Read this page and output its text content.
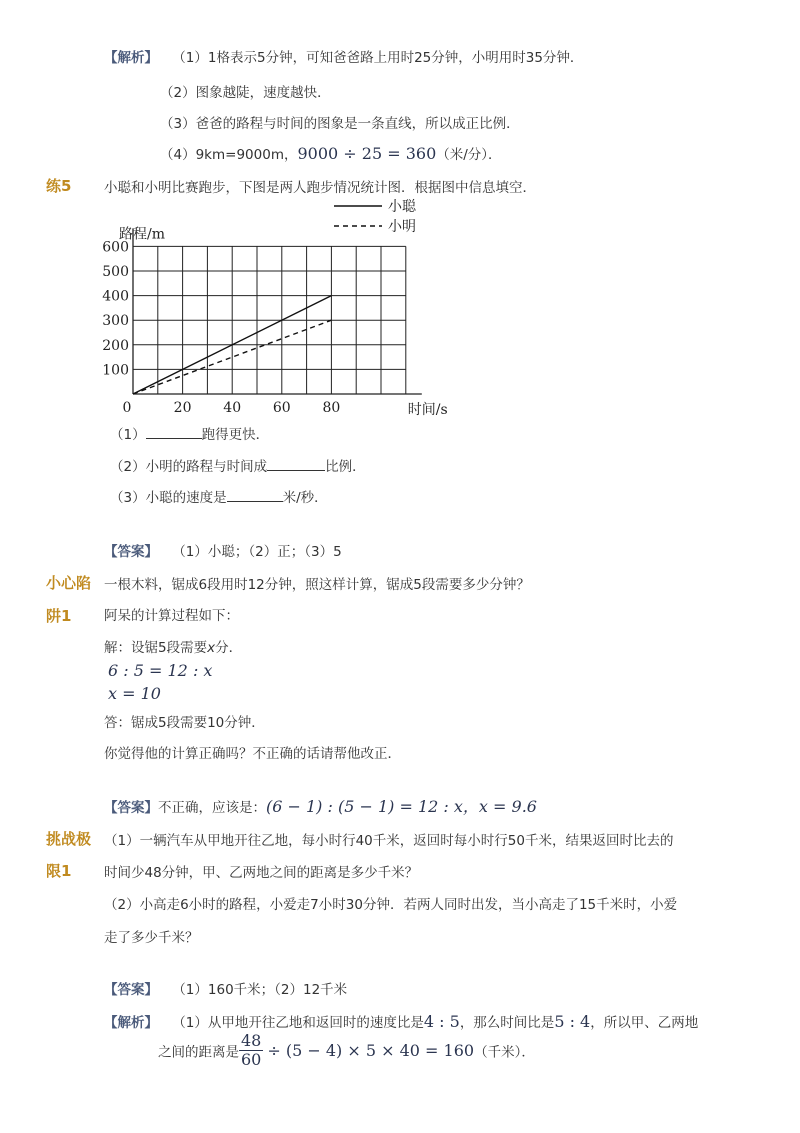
【解析】 （1）1格表示5分钟，可知爸爸路上用时25分钟，小明用时35分钟．
（2）图象越陡，速度越快．
（3）爸爸的路程与时间的图象是一条直线，所以成正比例．
（4）9km=9000m，9000 ÷ 25 = 360（米/分）．
练5 小聪和小明比赛跑步，下图是两人跑步情况统计图．根据图中信息填空．
100
200
300
400
500
600
20 40 60 80
0
路程/m
时间/s
小聪
小明
（1）	跑得更快．
（2）小明的路程与时间成	比例．
（3）小聪的速度是	米/秒．
【答案】 （1）小聪；（2）正；（3）5
小心陷
阱1
一根木料，锯成6段用时12分钟，照这样计算，锯成5段需要多少分钟？
阿呆的计算过程如下：
解：设锯5段需要x分．
6 : 5 = 12 : x
x = 10
答：锯成5段需要10分钟．
你觉得他的计算正确吗？不正确的话请帮他改正．
【答案】不正确，应该是：(6 − 1) : (5 − 1) = 12 : x，x = 9.6
挑战极
限1
（1）一辆汽车从甲地开往乙地，每小时行40千米，返回时每小时行50千米，结果返回时比去的
时间少48分钟，甲、乙两地之间的距离是多少千米？
（2）小高走6小时的路程，小爱走7小时30分钟．若两人同时出发，当小高走了15千米时，小爱
走了多少千米？
【答案】 （1）160千米；（2）12千米
【解析】 （1）从甲地开往乙地和返回时的速度比是4 : 5，那么时间比是5 : 4，所以甲、乙两地
之间的距离是 $\frac{48}{60} \div (5 - 4) \times 5 \times 40 = 160$（千米）．
